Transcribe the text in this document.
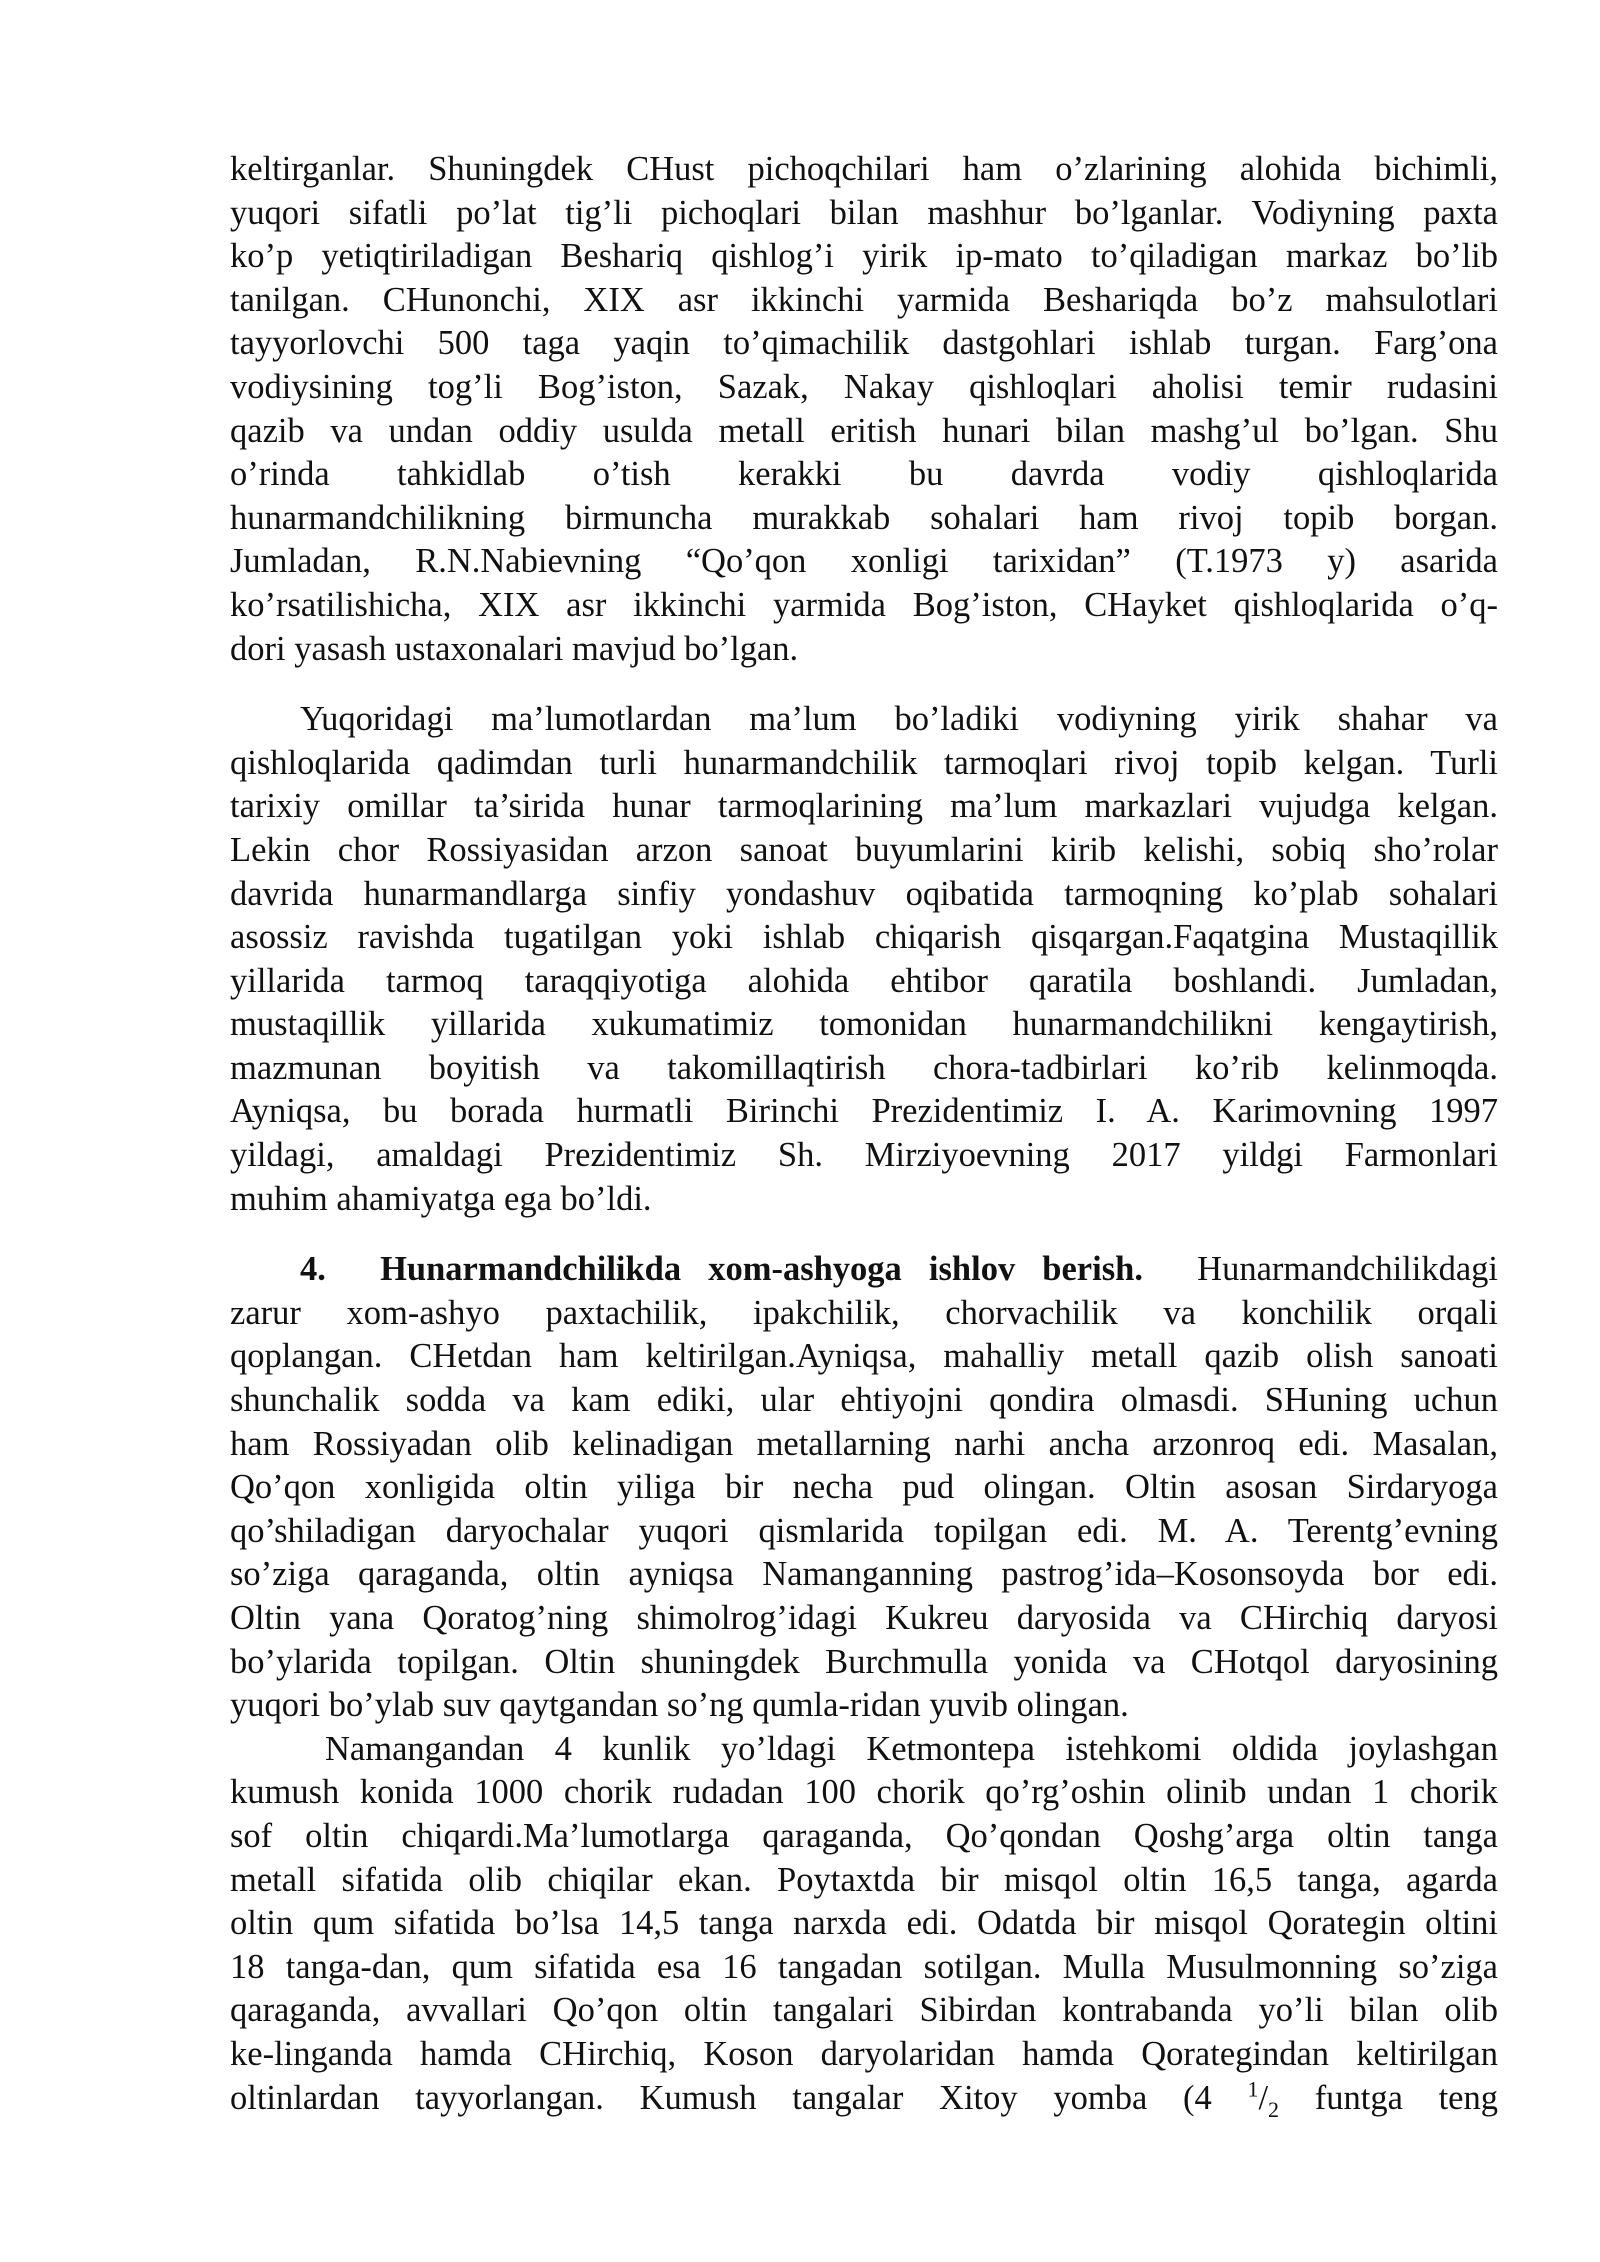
keltirganlar. Shuningdek CHust pichoqchilari ham o’zlarining alohida bichimli,
yuqori sifatli po’lat tig’li pichoqlari bilan mashhur bo’lganlar. Vodiyning paxta
ko’p yetiqtiriladigan Beshariq qishlog’i yirik ip-mato to’qiladigan markaz bo’lib
tanilgan. CHunonchi, XIX asr ikkinchi yarmida Beshariqda bo’z mahsulotlari
tayyorlovchi 500 taga yaqin to’qimachilik dastgohlari ishlab turgan. Farg’ona
vodiysining tog’li Bog’iston, Sazak, Nakay qishloqlari aholisi temir rudasini
qazib va undan oddiy usulda metall eritish hunari bilan mashg’ul bo’lgan. Shu
o’rinda tahkidlab o’tish kerakki bu davrda vodiy qishloqlarida
hunarmandchilikning birmuncha murakkab sohalari ham rivoj topib borgan.
Jumladan, R.N.Nabievning “Qo’qon xonligi tarixidan” (T.1973 y) asarida
ko’rsatilishicha, XIX asr ikkinchi yarmida Bog’iston, CHayket qishloqlarida o’q-
dori yasash ustaxonalari mavjud bo’lgan.
Yuqoridagi ma’lumotlardan ma’lum bo’ladiki vodiyning yirik shahar va
qishloqlarida qadimdan turli hunarmandchilik tarmoqlari rivoj topib kelgan. Turli
tarixiy omillar ta’sirida hunar tarmoqlarining ma’lum markazlari vujudga kelgan.
Lekin chor Rossiyasidan arzon sanoat buyumlarini kirib kelishi, sobiq sho’rolar
davrida hunarmandlarga sinfiy yondashuv oqibatida tarmoqning ko’plab sohalari
asossiz ravishda tugatilgan yoki ishlab chiqarish qisqargan.Faqatgina Mustaqillik
yillarida tarmoq taraqqiyotiga alohida ehtibor qaratila boshlandi. Jumladan,
mustaqillik yillarida xukumatimiz tomonidan hunarmandchilikni kengaytirish,
mazmunan boyitish va takomillaqtirish chora-tadbirlari ko’rib kelinmoqda.
Ayniqsa, bu borada hurmatli Birinchi Prezidentimiz I. A. Karimovning 1997
yildagi, amaldagi Prezidentimiz Sh. Mirziyoevning 2017 yildgi Farmonlari
muhim ahamiyatga ega bo’ldi.
4. Hunarmandchilikda xom-ashyoga ishlov berish. Hunarmandchilikdagi
zarur xom-ashyo paxtachilik, ipakchilik, chorvachilik va konchilik orqali
qoplangan. CHetdan ham keltirilgan.Ayniqsa, mahalliy metall qazib olish sanoati
shunchalik sodda va kam ediki, ular ehtiyojni qondira olmasdi. SHuning uchun
ham Rossiyadan olib kelinadigan metallarning narhi ancha arzonroq edi. Masalan,
Qo’qon xonligida oltin yiliga bir necha pud olingan. Oltin asosan Sirdaryoga
qo’shiladigan daryochalar yuqori qismlarida topilgan edi. M. A. Terentg’evning
so’ziga qaraganda, oltin ayniqsa Namanganning pastrog’ida–Kosonsoyda bor edi.
Oltin yana Qoratog’ning shimolrog’idagi Kukreu daryosida va CHirchiq daryosi
bo’ylarida topilgan. Oltin shuningdek Burchmulla yonida va CHotqol daryosining
yuqori bo’ylab suv qaytgandan so’ng qumla-ridan yuvib olingan.
Namangandan 4 kunlik yo’ldagi Ketmontepa istehkomi oldida joylashgan
kumush konida 1000 chorik rudadan 100 chorik qo’rg’oshin olinib undan 1 chorik
sof oltin chiqardi.Ma’lumotlarga qaraganda, Qo’qondan Qoshg’arga oltin tanga
metall sifatida olib chiqilar ekan. Poytaxtda bir misqol oltin 16,5 tanga, agarda
oltin qum sifatida bo’lsa 14,5 tanga narxda edi. Odatda bir misqol Qorategin oltini
18 tanga-dan, qum sifatida esa 16 tangadan sotilgan. Mulla Musulmonning so’ziga
qaraganda, avvallari Qo’qon oltin tangalari Sibirdan kontrabanda yo’li bilan olib
ke-linganda hamda CHirchiq, Koson daryolaridan hamda Qorategindan keltirilgan
oltinlardan tayyorlangan. Kumush tangalar Xitoy yomba (4 $^1/_2$ funtga teng
